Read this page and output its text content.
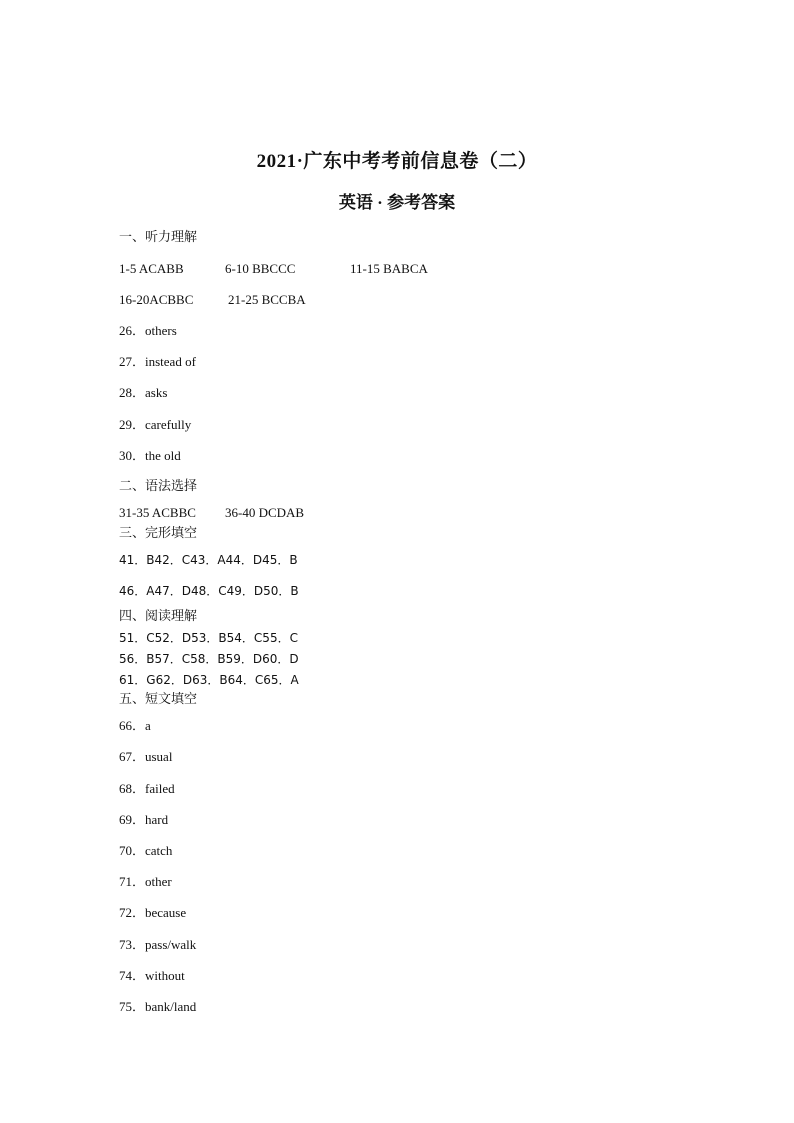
2021·广东中考考前信息卷（二）
英语 · 参考答案
一、听力理解
1-5 ACABB	6-10 BBCCC	11-15 BABCA
16-20ACBBC	21-25 BCCBA
26．others
27．instead of
28．asks
29．carefully
30．the old
二、语法选择
31-35 ACBBC 36-40 DCDAB
三、完形填空
41．B42．C43．A44．D45．B
46．A47．D48．C49．D50．B
四、阅读理解
51．C52．D53．B54．C55．C
56．B57．C58．B59．D60．D
61．G62．D63．B64．C65．A
五、短文填空
66．a
67．usual
68．failed
69．hard
70．catch
71．other
72．because
73．pass/walk
74．without
75．bank/land
